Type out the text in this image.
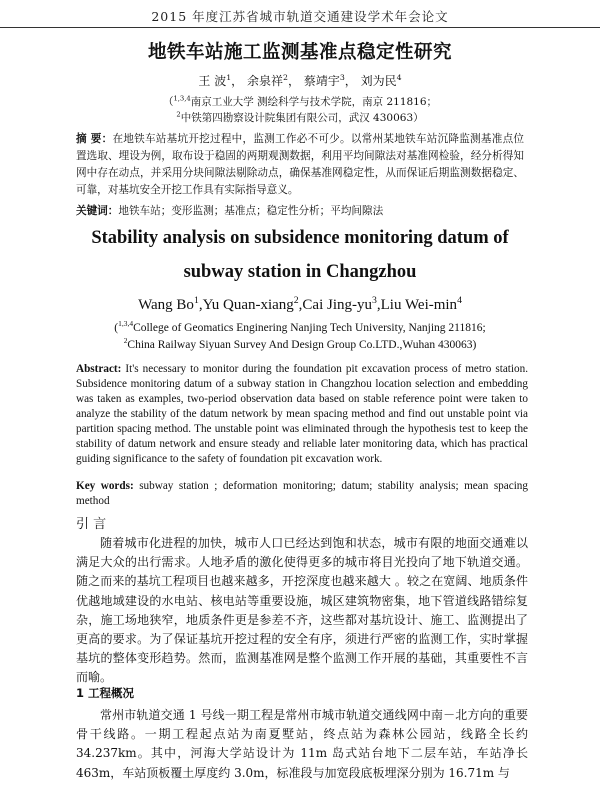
2015 年度江苏省城市轨道交通建设学术年会论文
地铁车站施工监测基准点稳定性研究
王 波$^1$， 余泉祥$^2$， 蔡靖宇$^3$， 刘为民$^4$
（$^{1,3,4}$南京工业大学 测绘科学与技术学院，南京 211816；
$^2$中铁第四勘察设计院集团有限公司，武汉 430063）
摘 要：在地铁车站基坑开挖过程中，监测工作必不可少。以常州某地铁车站沉降监测基准点位置选取、埋设为例，取布设于稳固的两期观测数据，利用平均间隙法对基准网检验，经分析得知网中存在动点，并采用分块间隙法剔除动点，确保基准网稳定性，从而保证后期监测数据稳定、可靠，对基坑安全开挖工作具有实际指导意义。
关键词：地铁车站；变形监测；基准点；稳定性分析；平均间隙法
Stability analysis on subsidence monitoring datum of
subway station in Changzhou
Wang Bo$^1$,Yu Quan-xiang$^2$,Cai Jing-$yu^3,Liu$ Wei-$\min^4$
($^{1,3,4}$College of Geomatics Enginering Nanjing Tech University, Nanjing 211816;
$^2$China Railway Siyuan Survey And Design Group Co.LTD.,Wuhan 430063)
Abstract: It's necessary to monitor during the foundation pit excavation process of metro station. Subsidence monitoring datum of a subway station in Changzhou location selection and embedding was taken as examples, two-period observation data based on stable reference point were taken to analyze the stability of the datum network by mean spacing method and find out unstable point via partition spacing method. The unstable point was eliminated through the hypothesis test to keep the stability of datum network and ensure steady and reliable later monitoring data, which has practical guiding significance to the safety of foundation pit excavation work.
Key words: subway station ; deformation monitoring; datum; stability analysis; mean spacing method
引 言
随着城市化进程的加快，城市人口已经达到饱和状态，城市有限的地面交通难以满足大众的出行需求。人地矛盾的激化使得更多的城市将目光投向了地下轨道交通。随之而来的基坑工程项目也越来越多，开挖深度也越来越大 。较之在宽阔、地质条件优越地域建设的水电站、核电站等重要设施，城区建筑物密集，地下管道线路错综复杂，施工场地狭窄，地质条件更是参差不齐，这些都对基坑设计、施工、监测提出了更高的要求。为了保证基坑开挖过程的安全有序，须进行严密的监测工作，实时掌握基坑的整体变形趋势。然而，监测基准网是整个监测工作开展的基础，其重要性不言而喻。
1 工程概况
常州市轨道交通 1 号线一期工程是常州市城市轨道交通线网中南－北方向的重要骨干线路。一期工程起点站为南夏墅站，终点站为森林公园站，线路全长约 34.237km。其中，河海大学站设计为 11m 岛式站台地下二层车站，车站净长 463m，车站顶板覆土厚度约 3.0m，标准段与加宽段底板埋深分别为 16.71m 与
